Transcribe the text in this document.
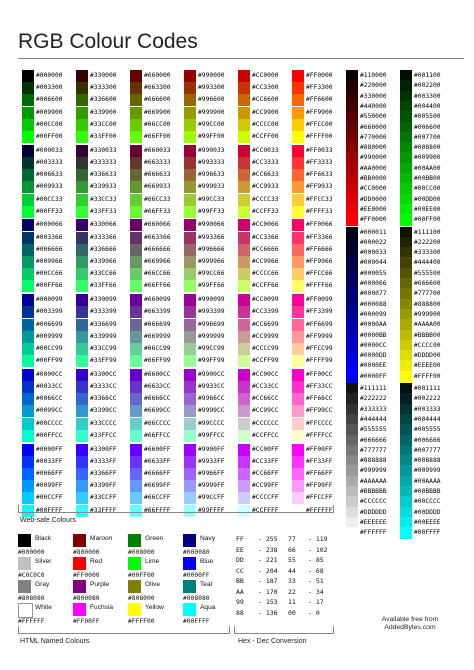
RGB Colour Codes
#000000	#330000	#660000	#990000	#CC0000	#FF0000
#003300	#333300	#663300	#993300	#CC3300	#FF3300
#006600	#336600	#666600	#996600	#CC6600	#FF6600
#009900	#339900	#669900	#999900	#CC9900	#FF9900
#00CC00	#33CC00	#66CC00	#99CC00	#CCCC00	#FFCC00
#00FF00	#33FF00	#66FF00	#99FF00	#CCFF00	#FFFF00
#000033	#330033	#660033	#990033	#CC0033	#FF0033
#003333	#333333	#663333	#993333	#CC3333	#FF3333
#006633	#336633	#666633	#996633	#CC6633	#FF6633
#009933	#339933	#669933	#999933	#CC9933	#FF9933
#00CC33	#33CC33	#66CC33	#99CC33	#CCCC33	#FFCC33
#00FF33	#33FF33	#66FF33	#99FF33	#CCFF33	#FFFF33
#000066	#330066	#660066	#990066	#CC0066	#FF0066
#003366	#333366	#663366	#993366	#CC3366	#FF3366
#006666	#336666	#666666	#996666	#CC6666	#FF6666
#009966	#339966	#669966	#999966	#CC9966	#FF9966
#00CC66	#33CC66	#66CC66	#99CC66	#CCCC66	#FFCC66
#00FF66	#33FF66	#66FF66	#99FF66	#CCFF66	#FFFF66
#000099	#330099	#660099	#990099	#CC0099	#FF0099
#003399	#333399	#663399	#993399	#CC3399	#FF3399
#006699	#336699	#666699	#996699	#CC6699	#FF6699
#009999	#339999	#669999	#999999	#CC9999	#FF9999
#00CC99	#33CC99	#66CC99	#99CC99	#CCCC99	#FFCC99
#00FF99	#33FF99	#66FF99	#99FF99	#CCFF99	#FFFF99
#0000CC	#3300CC	#6600CC	#9900CC	#CC00CC	#FF00CC
#0033CC	#3333CC	#6633CC	#9933CC	#CC33CC	#FF33CC
#0066CC	#3366CC	#6666CC	#9966CC	#CC66CC	#FF66CC
#0099CC	#3399CC	#6699CC	#9999CC	#CC99CC	#FF99CC
#00CCCC	#33CCCC	#66CCCC	#99CCCC	#CCCCCC	#FFCCCC
#00FFCC	#33FFCC	#66FFCC	#99FFCC	#CCFFCC	#FFFFCC
#0000FF	#3300FF	#6600FF	#9900FF	#CC00FF	#FF00FF
#0033FF	#3333FF	#6633FF	#9933FF	#CC33FF	#FF33FF
#0066FF	#3366FF	#6666FF	#9966FF	#CC66FF	#FF66FF
#0099FF	#3399FF	#6699FF	#9999FF	#CC99FF	#FF99FF
#00CCFF	#33CCFF	#66CCFF	#99CCFF	#CCCCFF	#FFCCFF
#00FFFF	#33FFFF	#66FFFF	#99FFFF	#CCFFFF	#FFFFFF
#110000
#220000
#330000
#440000
#550000
#660000
#770000
#880000
#990000
#AA0000
#BB0000
#CC0000
#DD0000
#EE0000
#FF0000
#000011
#000022
#000033
#000044
#000055
#000066
#000077
#000088
#000099
#0000AA
#0000BB
#0000CC
#0000DD
#0000EE
#0000FF
#111111
#222222
#333333
#444444
#555555
#666666
#777777
#888888
#999999
#AAAAAA
#BBBBBB
#CCCCCC
#DDDDDD
#EEEEEE
#FFFFFF
#001100
#002200
#003300
#004400
#005500
#006600
#007700
#008800
#009900
#00AA00
#00BB00
#00CC00
#00DD00
#00EE00
#00FF00
#111100
#222200
#333300
#444400
#555500
#666600
#777700
#888800
#999900
#AAAA00
#BBBB00
#CCCC00
#DDDD00
#EEEE00
#FFFF00
#001111
#002222
#003333
#004444
#005555
#006666
#007777
#008888
#009999
#00AAAA
#00BBBB
#00CCCC
#00DDDD
#00EEEE
#00FFFF
Web-safe Colours
Black
#000000
Maroon
#800000
Green
#008000
Navy
#000080
Silver
#C0C0C0
Red
#FF0000
Lime
#00FF00
Blue
#0000FF
Gray
#808080
Purple
#800080
Olive
#808000
Teal
#008080
White
#FFFFFF
Fuchsia
#FF00FF
Yellow
#FFFF00
Aqua
#00FFFF
HTML Named Colours
FF - 255 77 - 119
EE - 238 66 - 102
DD - 221 55 - 85
CC - 204 44 - 68
BB - 187 33 - 51
AA - 170 22 - 34
99 - 153 11 - 17
88 - 136 00 - 0
Hex - Dec Conversion
Available free from
AddedBytes.com
